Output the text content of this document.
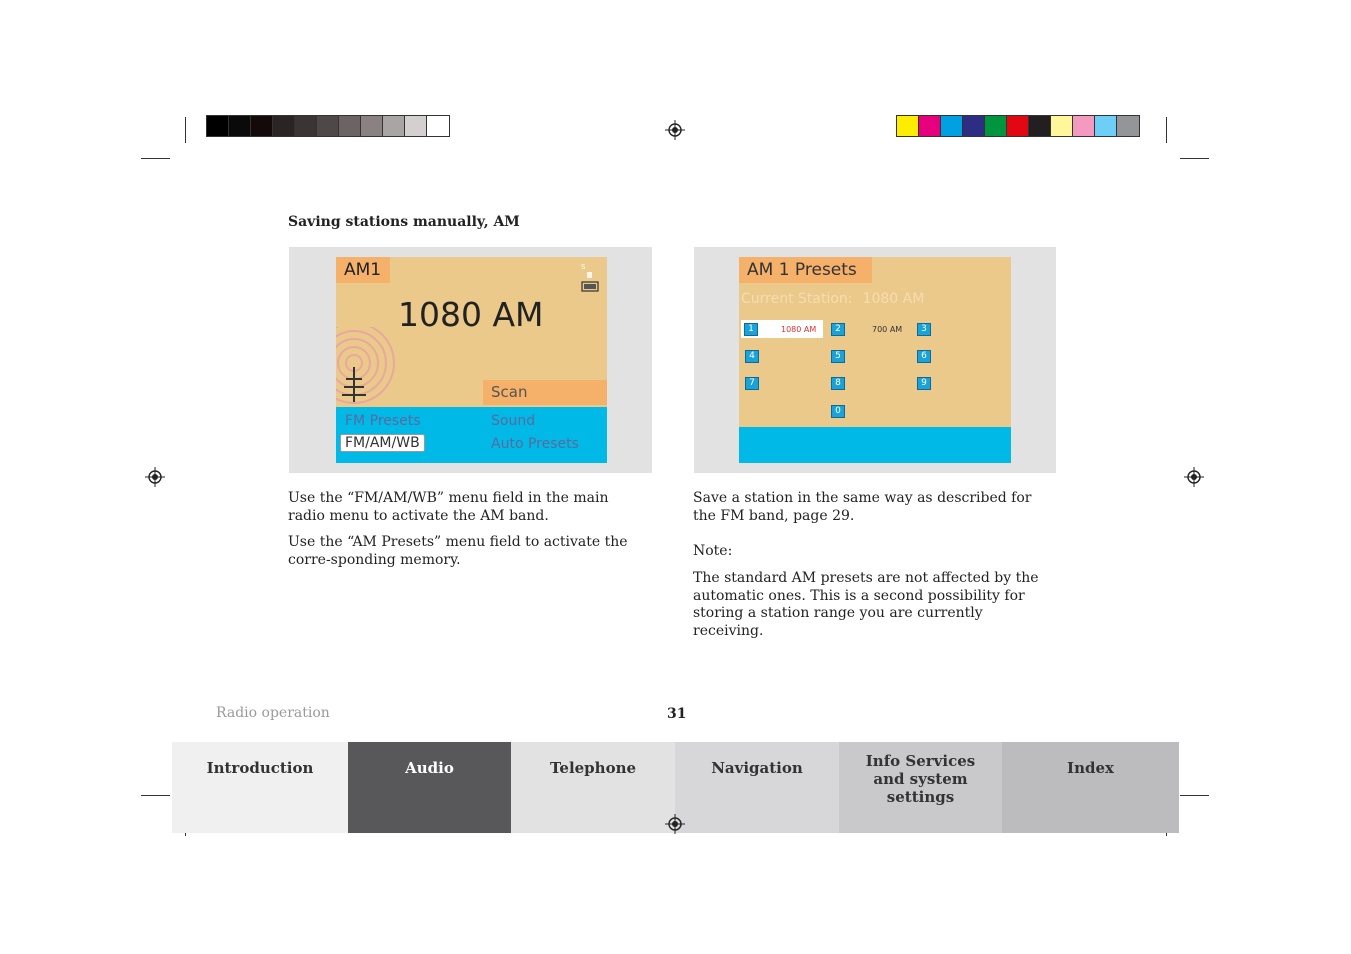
Saving stations manually, AM
AM1	S
1080 AM
Scan
FM Presets	Sound
FM/AM/WB	Auto Presets
AM 1 Presets
Current Station: 1080 AM
1	1080 AM	2	700 AM	3
4	5	6
7	8	9
0

Use the “FM/AM/WB” menu field in the main radio menu to activate the AM band.

Use the “AM Presets” menu field to activate the corre-sponding memory.

Save a station in the same way as described for the FM band, page 29.

Note:

The standard AM presets are not affected by the automatic ones. This is a second possibility for storing a station range you are currently receiving.

Radio operation	31
Introduction	Audio	Telephone	Navigation	Info Services and system settings
Index
